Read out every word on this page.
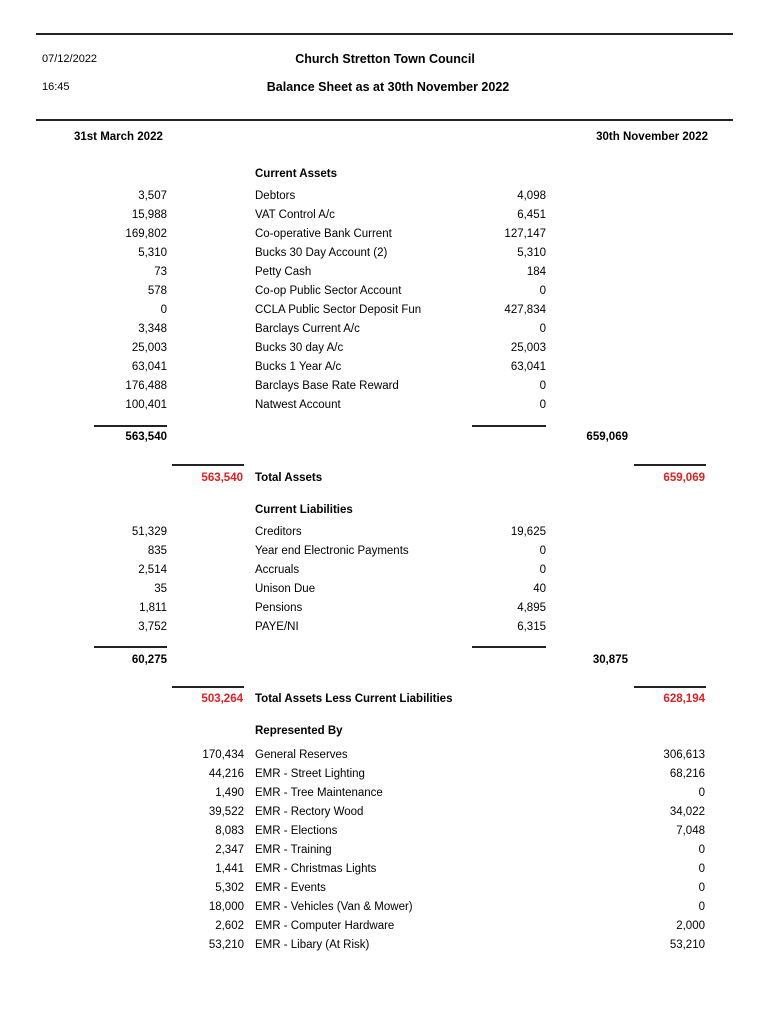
07/12/2022
16:45
Church Stretton Town Council
Balance Sheet as at 30th November 2022
31st March 2022	30th November 2022
Current Assets
3,507	Debtors	4,098
15,988	VAT Control A/c	6,451
169,802	Co-operative Bank Current	127,147
5,310	Bucks 30 Day Account (2)	5,310
73	Petty Cash	184
578	Co-op Public Sector Account	0
0	CCLA Public Sector Deposit Fun	427,834
3,348	Barclays Current A/c	0
25,003	Bucks 30 day A/c	25,003
63,041	Bucks 1 Year A/c	63,041
176,488	Barclays Base Rate Reward	0
100,401	Natwest Account	0
563,540	659,069
563,540 Total Assets	659,069
Current Liabilities
51,329	Creditors	19,625
835	Year end Electronic Payments	0
2,514	Accruals	0
35	Unison Due	40
1,811	Pensions	4,895
3,752	PAYE/NI	6,315
60,275	30,875
503,264 Total Assets Less Current Liabilities	628,194
Represented By
170,434 General Reserves	306,613
44,216 EMR - Street Lighting	68,216
1,490 EMR - Tree Maintenance	0
39,522 EMR - Rectory Wood	34,022
8,083 EMR - Elections	7,048
2,347 EMR - Training	0
1,441 EMR - Christmas Lights	0
5,302 EMR - Events	0
18,000 EMR - Vehicles (Van & Mower)	0
2,602 EMR - Computer Hardware	2,000
53,210 EMR - Libary (At Risk)	53,210
